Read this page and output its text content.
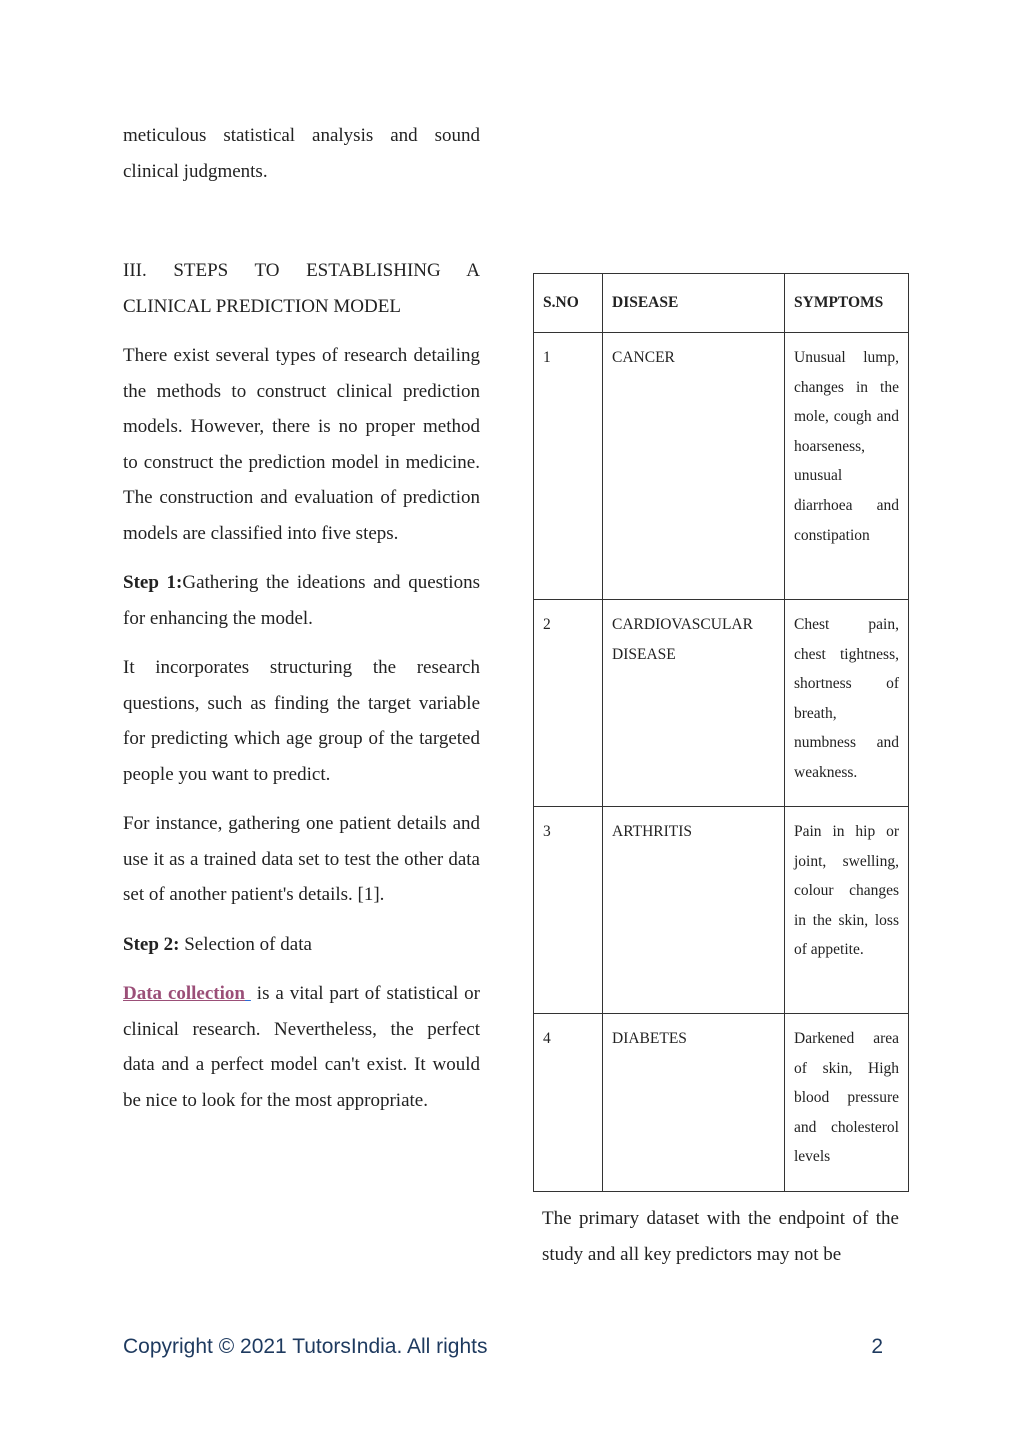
meticulous statistical analysis and sound clinical judgments.

III. STEPS TO ESTABLISHING A CLINICAL PREDICTION MODEL

There exist several types of research detailing the methods to construct clinical prediction models. However, there is no proper method to construct the prediction model in medicine. The construction and evaluation of prediction models are classified into five steps.

Step 1:Gathering the ideations and questions for enhancing the model.

It incorporates structuring the research questions, such as finding the target variable for predicting which age group of the targeted people you want to predict.

For instance, gathering one patient details and use it as a trained data set to test the other data set of another patient's details. [1].

Step 2: Selection of data

Data collection is a vital part of statistical or clinical research. Nevertheless, the perfect data and a perfect model can't exist. It would be nice to look for the most appropriate.

S.NO	DISEASE	SYMPTOMS
1	CANCER	Unusual lump, changes in the mole, cough and hoarseness, unusual diarrhoea and constipation
2	CARDIOVASCULAR DISEASE	Chest pain, chest tightness, shortness of breath, numbness and weakness.
3	ARTHRITIS	Pain in hip or joint, swelling, colour changes in the skin, loss of appetite.
4	DIABETES	Darkened area of skin, High blood pressure and cholesterol levels

The primary dataset with the endpoint of the study and all key predictors may not be

Copyright © 2021 TutorsIndia. All rights	2
